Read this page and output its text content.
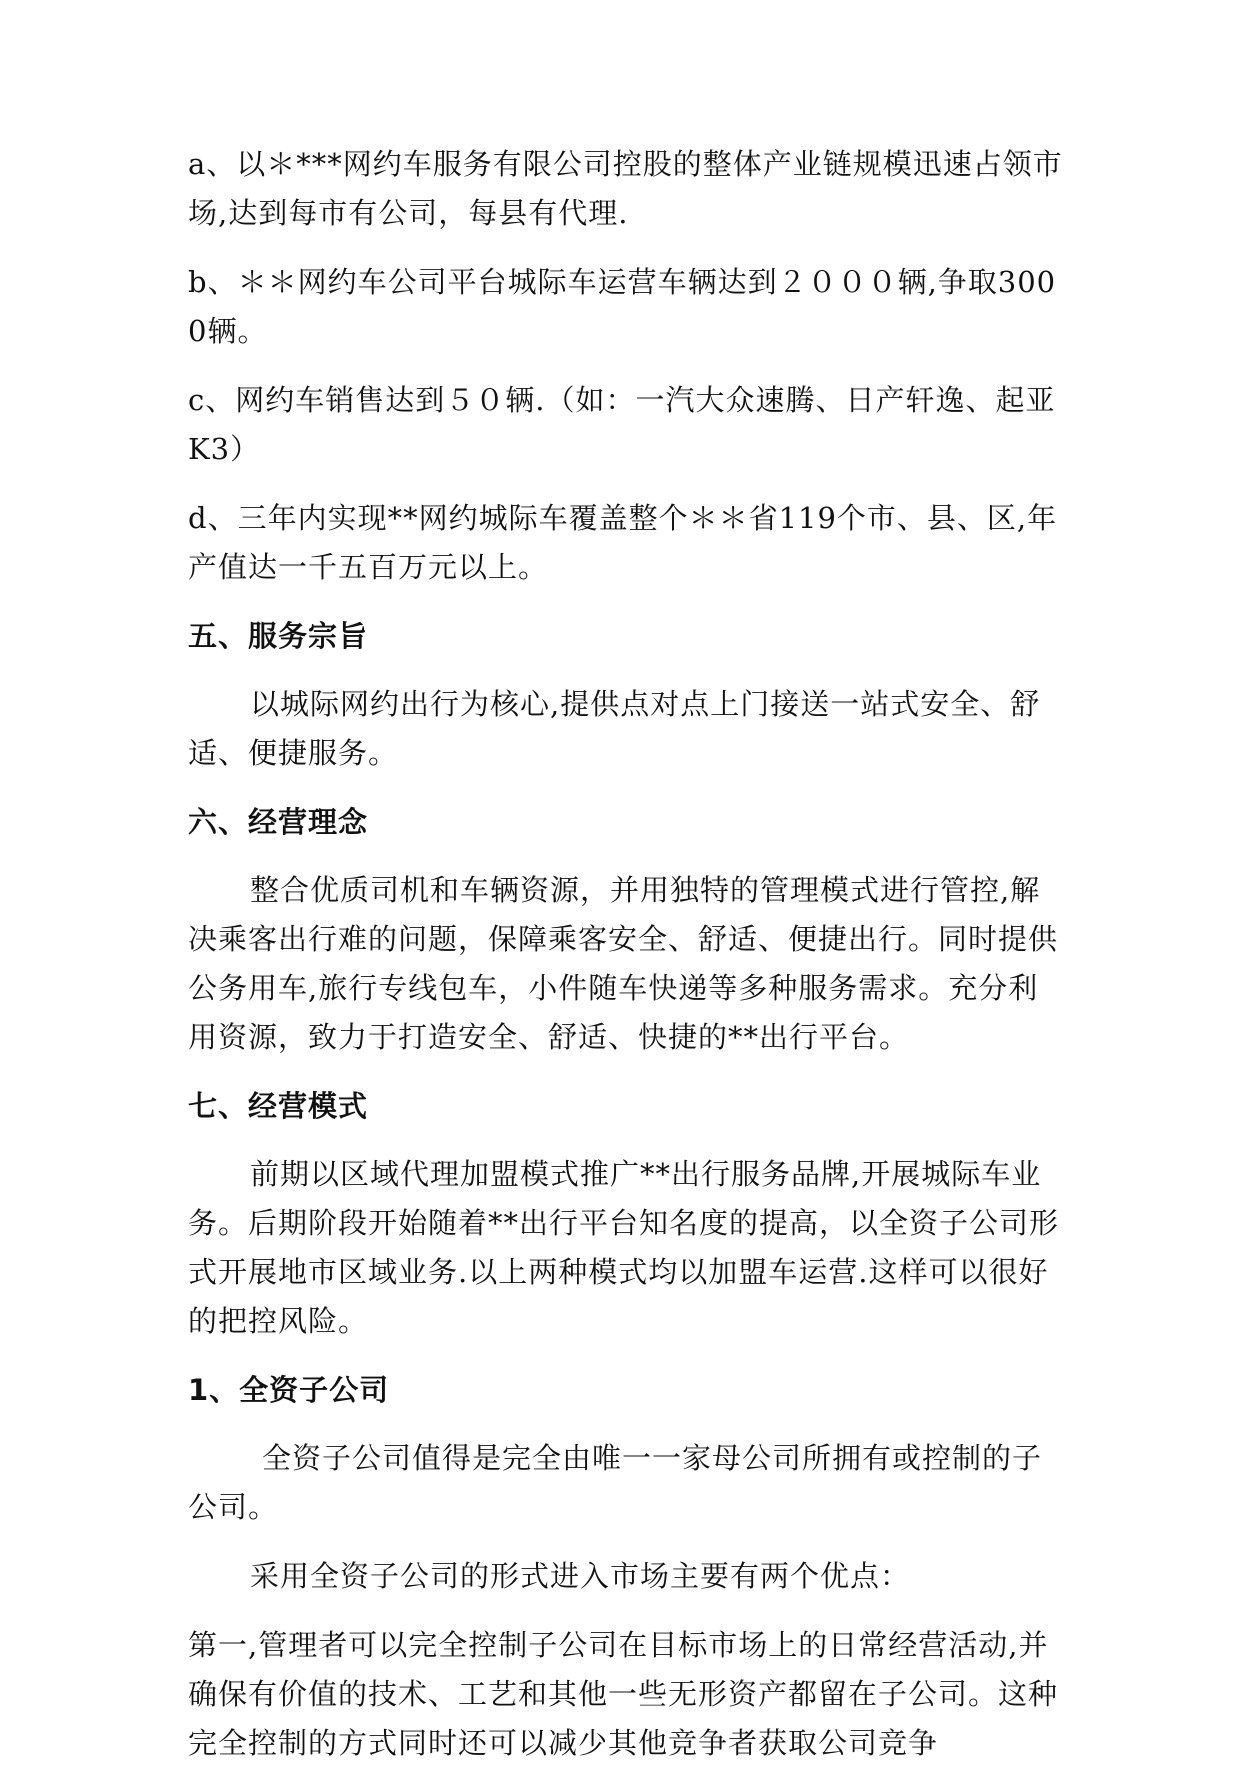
a、以＊***网约车服务有限公司控股的整体产业链规模迅速占领市场,达到每市有公司，每县有代理.

b、＊＊网约车公司平台城际车运营车辆达到２０００辆,争取3000辆。

c、网约车销售达到５０辆.（如：一汽大众速腾、日产轩逸、起亚K3）

d、三年内实现**网约城际车覆盖整个＊＊省119个市、县、区,年产值达一千五百万元以上。

五、服务宗旨

以城际网约出行为核心,提供点对点上门接送一站式安全、舒适、便捷服务。

六、经营理念

整合优质司机和车辆资源，并用独特的管理模式进行管控,解决乘客出行难的问题，保障乘客安全、舒适、便捷出行。同时提供公务用车,旅行专线包车，小件随车快递等多种服务需求。充分利用资源，致力于打造安全、舒适、快捷的**出行平台。

七、经营模式

前期以区域代理加盟模式推广**出行服务品牌,开展城际车业务。后期阶段开始随着**出行平台知名度的提高，以全资子公司形式开展地市区域业务.以上两种模式均以加盟车运营.这样可以很好的把控风险。

1、全资子公司

全资子公司值得是完全由唯一一家母公司所拥有或控制的子公司。

采用全资子公司的形式进入市场主要有两个优点：

第一,管理者可以完全控制子公司在目标市场上的日常经营活动,并确保有价值的技术、工艺和其他一些无形资产都留在子公司。这种完全控制的方式同时还可以减少其他竞争者获取公司竞争
